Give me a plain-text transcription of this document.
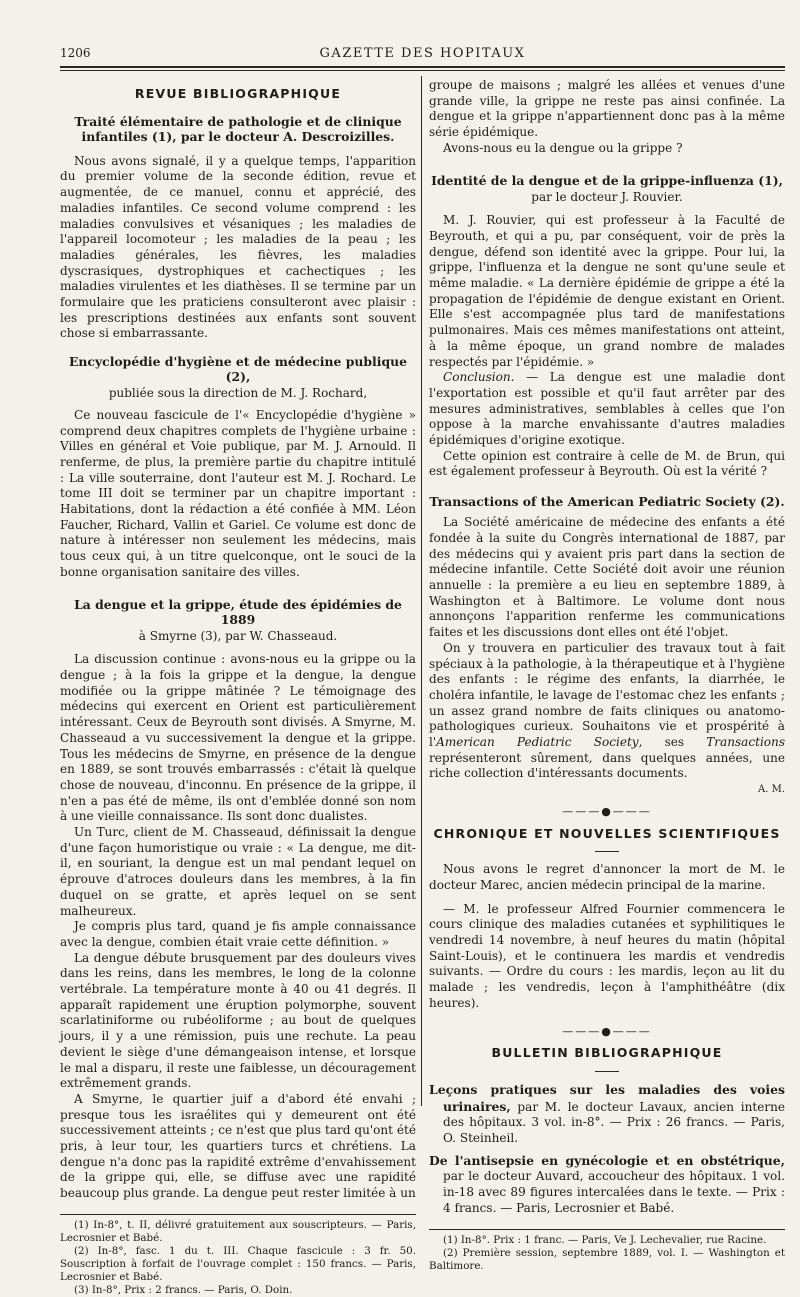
1206	GAZETTE DES HOPITAUX
REVUE BIBLIOGRAPHIQUE
Traité élémentaire de pathologie et de clinique infantiles (1), par le docteur A. Descroizilles.

Nous avons signalé, il y a quelque temps, l'apparition du premier volume de la seconde édition, revue et augmentée, de ce manuel, connu et apprécié, des maladies infantiles. Ce second volume comprend : les maladies convulsives et vésaniques ; les maladies de l'appareil locomoteur ; les maladies de la peau ; les maladies générales, les fièvres, les maladies dyscrasiques, dystrophiques et cachectiques ; les maladies virulentes et les diathèses. Il se termine par un formulaire que les praticiens consulteront avec plaisir : les prescriptions destinées aux enfants sont souvent chose si embarrassante.

Encyclopédie d'hygiène et de médecine publique (2),
publiée sous la direction de M. J. Rochard,

Ce nouveau fascicule de l'« Encyclopédie d'hygiène » comprend deux chapitres complets de l'hygiène urbaine : Villes en général et Voie publique, par M. J. Arnould. Il renferme, de plus, la première partie du chapitre intitulé : La ville souterraine, dont l'auteur est M. J. Rochard. Le tome III doit se terminer par un chapitre important : Habitations, dont la rédaction a été confiée à MM. Léon Faucher, Richard, Vallin et Gariel. Ce volume est donc de nature à intéresser non seulement les médecins, mais tous ceux qui, à un titre quelconque, ont le souci de la bonne organisation sanitaire des villes.

La dengue et la grippe, étude des épidémies de 1889
à Smyrne (3), par W. Chasseaud.

La discussion continue : avons-nous eu la grippe ou la dengue ; à la fois la grippe et la dengue, la dengue modifiée ou la grippe mâtinée ? Le témoignage des médecins qui exercent en Orient est particulièrement intéressant. Ceux de Beyrouth sont divisés. A Smyrne, M. Chasseaud a vu successivement la dengue et la grippe. Tous les médecins de Smyrne, en présence de la dengue en 1889, se sont trouvés embarrassés : c'était là quelque chose de nouveau, d'inconnu. En présence de la grippe, il n'en a pas été de même, ils ont d'emblée donné son nom à une vieille connaissance. Ils sont donc dualistes.

Un Turc, client de M. Chasseaud, définissait la dengue d'une façon humoristique ou vraie : « La dengue, me dit-il, en souriant, la dengue est un mal pendant lequel on éprouve d'atroces douleurs dans les membres, à la fin duquel on se gratte, et après lequel on se sent malheureux.

Je compris plus tard, quand je fis ample connaissance avec la dengue, combien était vraie cette définition. »

La dengue débute brusquement par des douleurs vives dans les reins, dans les membres, le long de la colonne vertébrale. La température monte à 40 ou 41 degrés. Il apparaît rapidement une éruption polymorphe, souvent scarlatiniforme ou rubéoliforme ; au bout de quelques jours, il y a une rémission, puis une rechute. La peau devient le siège d'une démangeaison intense, et lorsque le mal a disparu, il reste une faiblesse, un découragement extrêmement grands.

A Smyrne, le quartier juif a d'abord été envahi ; presque tous les israélites qui y demeurent ont été successivement atteints ; ce n'est que plus tard qu'ont été pris, à leur tour, les quartiers turcs et chrétiens. La dengue n'a donc pas la rapidité extrême d'envahissement de la grippe qui, elle, se diffuse avec une rapidité beaucoup plus grande. La dengue peut rester limitée à un

(1) In-8°, t. II, délivré gratuitement aux souscripteurs. — Paris, Lecrosnier et Babé.
(2) In-8°, fasc. 1 du t. III. Chaque fascicule : 3 fr. 50. Souscription à forfait de l'ouvrage complet : 150 francs. — Paris, Lecrosnier et Babé.
(3) In-8°, Prix : 2 francs. — Paris, O. Doin.

groupe de maisons ; malgré les allées et venues d'une grande ville, la grippe ne reste pas ainsi confinée. La dengue et la grippe n'appartiennent donc pas à la même série épidémique.

Avons-nous eu la dengue ou la grippe ?

Identité de la dengue et de la grippe-influenza (1),
par le docteur J. Rouvier.

M. J. Rouvier, qui est professeur à la Faculté de Beyrouth, et qui a pu, par conséquent, voir de près la dengue, défend son identité avec la grippe. Pour lui, la grippe, l'influenza et la dengue ne sont qu'une seule et même maladie. « La dernière épidémie de grippe a été la propagation de l'épidémie de dengue existant en Orient. Elle s'est accompagnée plus tard de manifestations pulmonaires. Mais ces mêmes manifestations ont atteint, à la même époque, un grand nombre de malades respectés par l'épidémie. »

Conclusion. — La dengue est une maladie dont l'exportation est possible et qu'il faut arrêter par des mesures administratives, semblables à celles que l'on oppose à la marche envahissante d'autres maladies épidémiques d'origine exotique.

Cette opinion est contraire à celle de M. de Brun, qui est également professeur à Beyrouth. Où est la vérité ?

Transactions of the American Pediatric Society (2).

La Société américaine de médecine des enfants a été fondée à la suite du Congrès international de 1887, par des médecins qui y avaient pris part dans la section de médecine infantile. Cette Société doit avoir une réunion annuelle : la première a eu lieu en septembre 1889, à Washington et à Baltimore. Le volume dont nous annonçons l'apparition renferme les communications faites et les discussions dont elles ont été l'objet.

On y trouvera en particulier des travaux tout à fait spéciaux à la pathologie, à la thérapeutique et à l'hygiène des enfants : le régime des enfants, la diarrhée, le choléra infantile, le lavage de l'estomac chez les enfants ; un assez grand nombre de faits cliniques ou anatomo-pathologiques curieux. Souhaitons vie et prospérité à l'American Pediatric Society, ses Transactions représenteront sûrement, dans quelques années, une riche collection d'intéressants documents.

A. M.
———●———
CHRONIQUE ET NOUVELLES SCIENTIFIQUES

Nous avons le regret d'annoncer la mort de M. le docteur Marec, ancien médecin principal de la marine.

— M. le professeur Alfred Fournier commencera le cours clinique des maladies cutanées et syphilitiques le vendredi 14 novembre, à neuf heures du matin (hôpital Saint-Louis), et le continuera les mardis et vendredis suivants. — Ordre du cours : les mardis, leçon au lit du malade ; les vendredis, leçon à l'amphithéâtre (dix heures).

———●———
BULLETIN BIBLIOGRAPHIQUE

Leçons pratiques sur les maladies des voies urinaires, par M. le docteur Lavaux, ancien interne des hôpitaux. 3 vol. in-8°. — Prix : 26 francs. — Paris, O. Steinheil.

De l'antisepsie en gynécologie et en obstétrique, par le docteur Auvard, accoucheur des hôpitaux. 1 vol. in-18 avec 89 figures intercalées dans le texte. — Prix : 4 francs. — Paris, Lecrosnier et Babé.

(1) In-8°. Prix : 1 franc. — Paris, Ve J. Lechevalier, rue Racine.
(2) Première session, septembre 1889, vol. I. — Washington et Baltimore.
